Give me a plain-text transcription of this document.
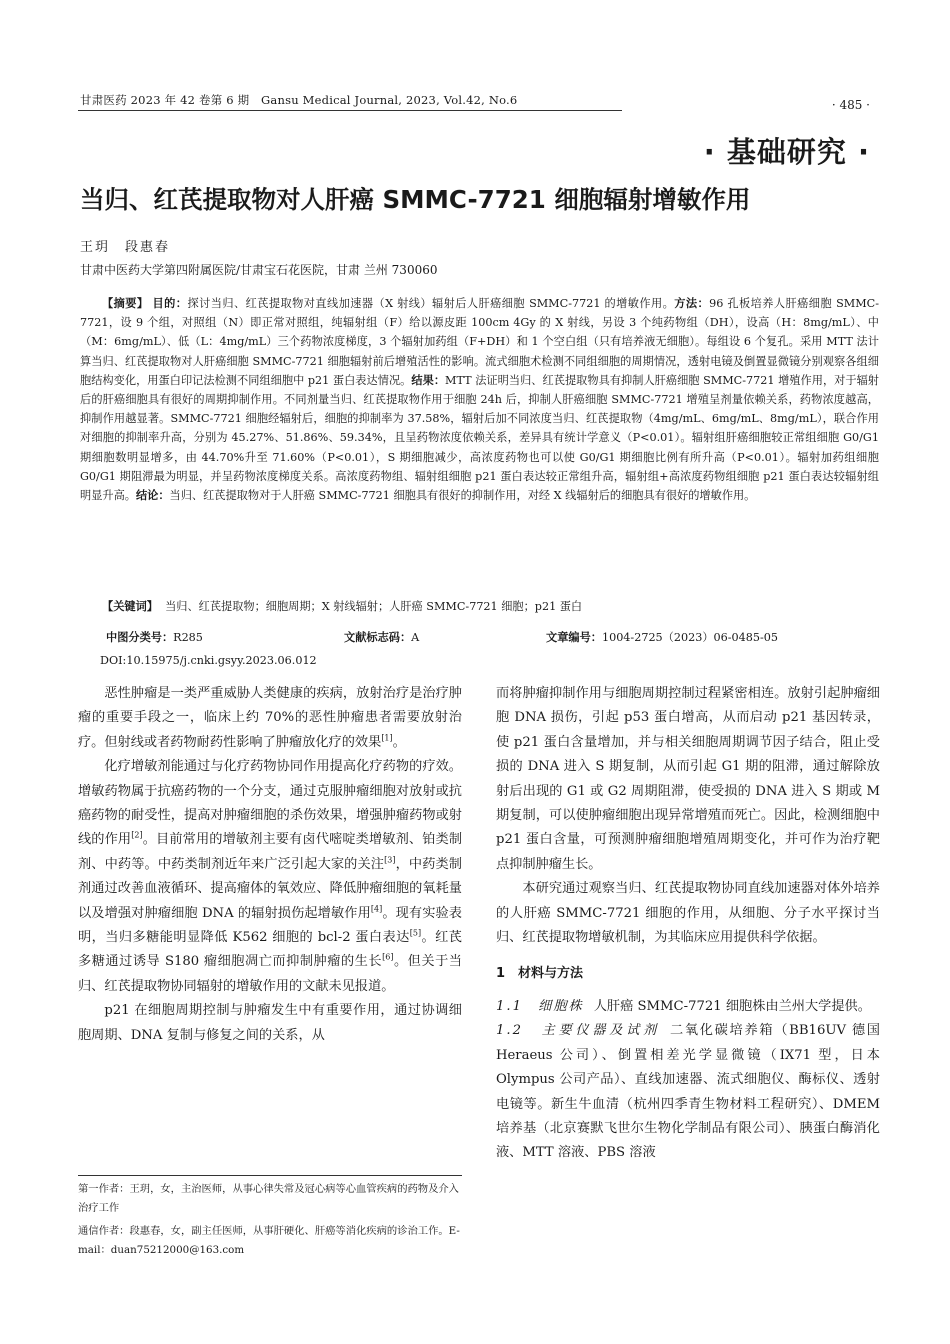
甘肃医药 2023 年 42 卷第 6 期　Gansu Medical Journal, 2023, Vol.42, No.6	· 485 ·
· 基础研究 ·
当归、红芪提取物对人肝癌 SMMC-7721 细胞辐射增敏作用
王玥　段惠春
甘肃中医药大学第四附属医院/甘肃宝石花医院，甘肃 兰州 730060
【摘要】 目的：探讨当归、红芪提取物对直线加速器（X 射线）辐射后人肝癌细胞 SMMC-7721 的增敏作用。方法：96 孔板培养人肝癌细胞 SMMC-7721，设 9 个组，对照组（N）即正常对照组，纯辐射组（F）给以源皮距 100cm 4Gy 的 X 射线，另设 3 个纯药物组（DH），设高（H：8mg/mL）、中（M：6mg/mL）、低（L：4mg/mL）三个药物浓度梯度，3 个辐射加药组（F+DH）和 1 个空白组（只有培养液无细胞）。每组设 6 个复孔。采用 MTT 法计算当归、红芪提取物对人肝癌细胞 SMMC-7721 细胞辐射前后增殖活性的影响。流式细胞术检测不同组细胞的周期情况，透射电镜及倒置显微镜分别观察各组细胞结构变化，用蛋白印记法检测不同组细胞中 p21 蛋白表达情况。结果：MTT 法证明当归、红芪提取物具有抑制人肝癌细胞 SMMC-7721 增殖作用，对于辐射后的肝癌细胞具有很好的周期抑制作用。不同剂量当归、红芪提取物作用于细胞 24h 后，抑制人肝癌细胞 SMMC-7721 增殖呈剂量依赖关系，药物浓度越高，抑制作用越显著。SMMC-7721 细胞经辐射后，细胞的抑制率为 37.58%，辐射后加不同浓度当归、红芪提取物（4mg/mL、6mg/mL、8mg/mL），联合作用对细胞的抑制率升高，分别为 45.27%、51.86%、59.34%，且呈药物浓度依赖关系，差异具有统计学意义（P<0.01）。辐射组肝癌细胞较正常组细胞 G0/G1 期细胞数明显增多，由 44.70%升至 71.60%（P<0.01），S 期细胞减少，高浓度药物也可以使 G0/G1 期细胞比例有所升高（P<0.01）。辐射加药组细胞 G0/G1 期阻滞最为明显，并呈药物浓度梯度关系。高浓度药物组、辐射组细胞 p21 蛋白表达较正常组升高，辐射组+高浓度药物组细胞 p21 蛋白表达较辐射组明显升高。结论：当归、红芪提取物对于人肝癌 SMMC-7721 细胞具有很好的抑制作用，对经 X 线辐射后的细胞具有很好的增敏作用。
【关键词】 当归、红芪提取物；细胞周期；X 射线辐射；人肝癌 SMMC-7721 细胞；p21 蛋白
中图分类号：R285	文献标志码：A	文章编号：1004-2725（2023）06-0485-05
DOI:10.15975/j.cnki.gsyy.2023.06.012

恶性肿瘤是一类严重威胁人类健康的疾病，放射治疗是治疗肿瘤的重要手段之一，临床上约 70%的恶性肿瘤患者需要放射治疗。但射线或者药物耐药性影响了肿瘤放化疗的效果[1]。

化疗增敏剂能通过与化疗药物协同作用提高化疗药物的疗效。增敏药物属于抗癌药物的一个分支，通过克服肿瘤细胞对放射或抗癌药物的耐受性，提高对肿瘤细胞的杀伤效果，增强肿瘤药物或射线的作用[2]。目前常用的增敏剂主要有卤代嘧啶类增敏剂、铂类制剂、中药等。中药类制剂近年来广泛引起大家的关注[3]，中药类制剂通过改善血液循环、提高瘤体的氧效应、降低肿瘤细胞的氧耗量以及增强对肿瘤细胞 DNA 的辐射损伤起增敏作用[4]。现有实验表明，当归多糖能明显降低 K562 细胞的 bcl-2 蛋白表达[5]。红芪多糖通过诱导 S180 瘤细胞凋亡而抑制肿瘤的生长[6]。但关于当归、红芪提取物协同辐射的增敏作用的文献未见报道。

p21 在细胞周期控制与肿瘤发生中有重要作用，通过协调细胞周期、DNA 复制与修复之间的关系，从

而将肿瘤抑制作用与细胞周期控制过程紧密相连。放射引起肿瘤细胞 DNA 损伤，引起 p53 蛋白增高，从而启动 p21 基因转录，使 p21 蛋白含量增加，并与相关细胞周期调节因子结合，阻止受损的 DNA 进入 S 期复制，从而引起 G1 期的阻滞，通过解除放射后出现的 G1 或 G2 周期阻滞，使受损的 DNA 进入 S 期或 M 期复制，可以使肿瘤细胞出现异常增殖而死亡。因此，检测细胞中 p21 蛋白含量，可预测肿瘤细胞增殖周期变化，并可作为治疗靶点抑制肿瘤生长。

本研究通过观察当归、红芪提取物协同直线加速器对体外培养的人肝癌 SMMC-7721 细胞的作用，从细胞、分子水平探讨当归、红芪提取物增敏机制，为其临床应用提供科学依据。

1　材料与方法

1.1　细胞株 人肝癌 SMMC-7721 细胞株由兰州大学提供。

1.2　主要仪器及试剂 二氧化碳培养箱（BB16UV 德国 Heraeus 公司）、倒置相差光学显微镜（IX71 型，日本 Olympus 公司产品）、直线加速器、流式细胞仪、酶标仪、透射电镜等。新生牛血清（杭州四季青生物材料工程研究）、DMEM 培养基（北京赛默飞世尔生物化学制品有限公司）、胰蛋白酶消化液、MTT 溶液、PBS 溶液

第一作者：王玥，女，主治医师，从事心律失常及冠心病等心血管疾病的药物及介入治疗工作
通信作者：段惠春，女，副主任医师，从事肝硬化、肝癌等消化疾病的诊治工作。E-mail：duan75212000@163.com
